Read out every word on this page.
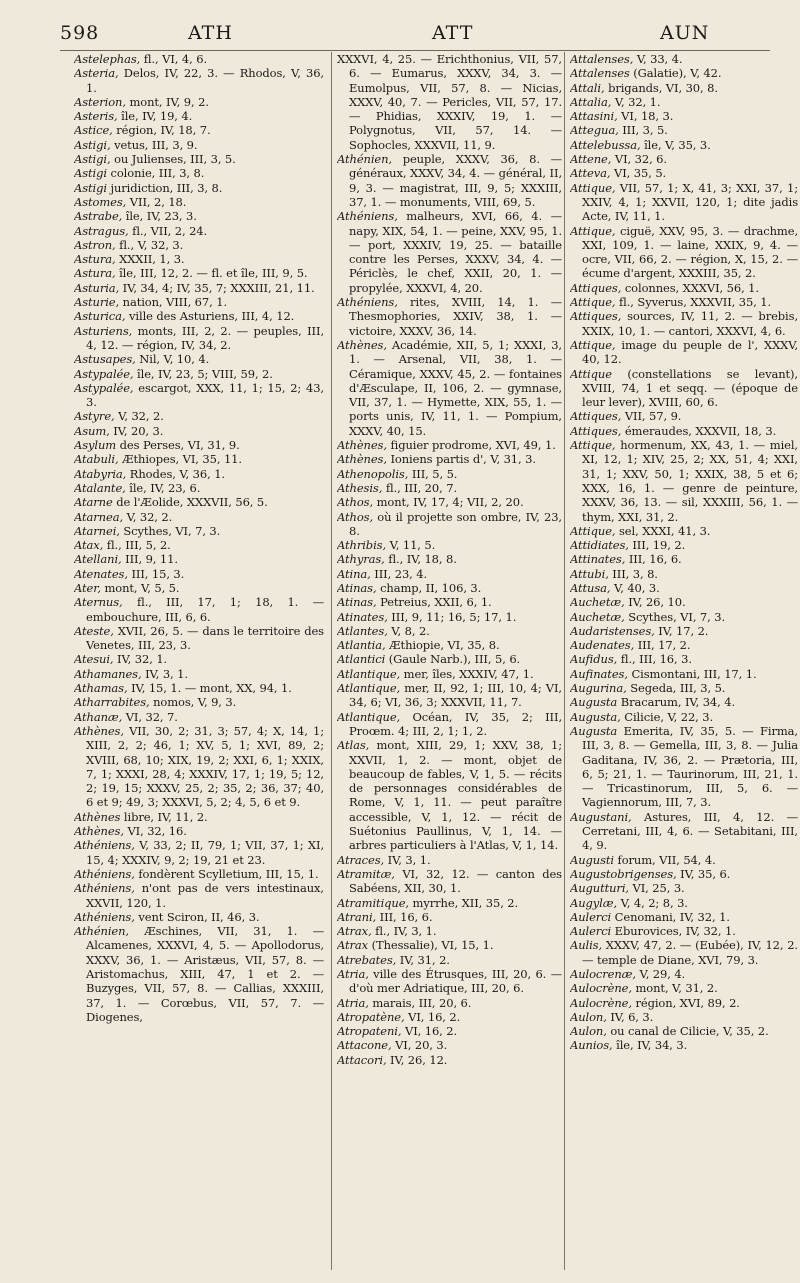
598	ATH	ATT	AUN
Astelephas, fl., VI, 4, 6.
Asteria, Delos, IV, 22, 3. — Rhodos, V, 36, 1.
Asterion, mont, IV, 9, 2.
Asteris, île, IV, 19, 4.
Astice, région, IV, 18, 7.
Astigi, vetus, III, 3, 9.
Astigi, ou Julienses, III, 3, 5.
Astigi colonie, III, 3, 8.
Astigi juridiction, III, 3, 8.
Astomes, VII, 2, 18.
Astrabe, île, IV, 23, 3.
Astragus, fl., VII, 2, 24.
Astron, fl., V, 32, 3.
Astura, XXXII, 1, 3.
Astura, île, III, 12, 2. — fl. et île, III, 9, 5.
Asturia, IV, 34, 4; IV, 35, 7; XXXIII, 21, 11.
Asturie, nation, VIII, 67, 1.
Asturica, ville des Asturiens, III, 4, 12.
Asturiens, monts, III, 2, 2. — peuples, III, 4, 12. — région, IV, 34, 2.
Astusapes, Nil, V, 10, 4.
Astypalée, île, IV, 23, 5; VIII, 59, 2.
Astypalée, escargot, XXX, 11, 1; 15, 2; 43, 3.
Astyre, V, 32, 2.
Asum, IV, 20, 3.
Asylum des Perses, VI, 31, 9.
Atabuli, Æthiopes, VI, 35, 11.
Atabyria, Rhodes, V, 36, 1.
Atalante, île, IV, 23, 6.
Atarne de l'Æolide, XXXVII, 56, 5.
Atarnea, V, 32, 2.
Atarnei, Scythes, VI, 7, 3.
Atax, fl., III, 5, 2.
Atellani, III, 9, 11.
Atenates, III, 15, 3.
Ater, mont, V, 5, 5.
Aternus, fl., III, 17, 1; 18, 1. — embouchure, III, 6, 6.
Ateste, XVII, 26, 5. — dans le territoire des Venetes, III, 23, 3.
Atesui, IV, 32, 1.
Athamanes, IV, 3, 1.
Athamas, IV, 15, 1. — mont, XX, 94, 1.
Atharrabites, nomos, V, 9, 3.
Athanæ, VI, 32, 7.
Athènes, VII, 30, 2; 31, 3; 57, 4; X, 14, 1; XIII, 2, 2; 46, 1; XV, 5, 1; XVI, 89, 2; XVIII, 68, 10; XIX, 19, 2; XXI, 6, 1; XXIX, 7, 1; XXXI, 28, 4; XXXIV, 17, 1; 19, 5; 12, 2; 19, 15; XXXV, 25, 2; 35, 2; 36, 37; 40, 6 et 9; 49, 3; XXXVI, 5, 2; 4, 5, 6 et 9.
Athènes libre, IV, 11, 2.
Athènes, VI, 32, 16.
Athéniens, V, 33, 2; II, 79, 1; VII, 37, 1; XI, 15, 4; XXXIV, 9, 2; 19, 21 et 23.
Athéniens, fondèrent Scylletium, III, 15, 1.
Athéniens, n'ont pas de vers intestinaux, XXVII, 120, 1.
Athéniens, vent Sciron, II, 46, 3.
Athénien, Æschines, VII, 31, 1. — Alcamenes, XXXVI, 4, 5. — Apollodorus, XXXV, 36, 1. — Aristæus, VII, 57, 8. — Aristomachus, XIII, 47, 1 et 2. — Buzyges, VII, 57, 8. — Callias, XXXIII, 37, 1. — Corœbus, VII, 57, 7. — Diogenes,
XXXVI, 4, 25. — Erichthonius, VII, 57, 6. — Eumarus, XXXV, 34, 3. — Eumolpus, VII, 57, 8. — Nicias, XXXV, 40, 7. — Pericles, VII, 57, 17. — Phidias, XXXIV, 19, 1. — Polygnotus, VII, 57, 14. — Sophocles, XXXVII, 11, 9.
Athénien, peuple, XXXV, 36, 8. — généraux, XXXV, 34, 4. — général, II, 9, 3. — magistrat, III, 9, 5; XXXIII, 37, 1. — monuments, VIII, 69, 5.
Athéniens, malheurs, XVI, 66, 4. — napy, XIX, 54, 1. — peine, XXV, 95, 1. — port, XXXIV, 19, 25. — bataille contre les Perses, XXXV, 34, 4. — Périclès, le chef, XXII, 20, 1. — propylée, XXXVI, 4, 20.
Athéniens, rites, XVIII, 14, 1. — Thesmophories, XXIV, 38, 1. — victoire, XXXV, 36, 14.
Athènes, Académie, XII, 5, 1; XXXI, 3, 1. — Arsenal, VII, 38, 1. — Céramique, XXXV, 45, 2. — fontaines d'Æsculape, II, 106, 2. — gymnase, VII, 37, 1. — Hymette, XIX, 55, 1. — ports unis, IV, 11, 1. — Pompium, XXXV, 40, 15.
Athènes, figuier prodrome, XVI, 49, 1.
Athènes, Ioniens partis d', V, 31, 3.
Athenopolis, III, 5, 5.
Athesis, fl., III, 20, 7.
Athos, mont, IV, 17, 4; VII, 2, 20.
Athos, où il projette son ombre, IV, 23, 8.
Athribis, V, 11, 5.
Athyras, fl., IV, 18, 8.
Atina, III, 23, 4.
Atinas, champ, II, 106, 3.
Atinas, Petreius, XXII, 6, 1.
Atinates, III, 9, 11; 16, 5; 17, 1.
Atlantes, V, 8, 2.
Atlantia, Æthiopie, VI, 35, 8.
Atlantici (Gaule Narb.), III, 5, 6.
Atlantique, mer, îles, XXXIV, 47, 1.
Atlantique, mer, II, 92, 1; III, 10, 4; VI, 34, 6; VI, 36, 3; XXXVII, 11, 7.
Atlantique, Océan, IV, 35, 2; III, Proœm. 4; III, 2, 1; 1, 2.
Atlas, mont, XIII, 29, 1; XXV, 38, 1; XXVII, 1, 2. — mont, objet de beaucoup de fables, V, 1, 5. — récits de personnages considérables de Rome, V, 1, 11. — peut paraître accessible, V, 1, 12. — récit de Suétonius Paullinus, V, 1, 14. — arbres particuliers à l'Atlas, V, 1, 14.
Atraces, IV, 3, 1.
Atramitæ, VI, 32, 12. — canton des Sabéens, XII, 30, 1.
Atramitique, myrrhe, XII, 35, 2.
Atrani, III, 16, 6.
Atrax, fl., IV, 3, 1.
Atrax (Thessalie), VI, 15, 1.
Atrebates, IV, 31, 2.
Atria, ville des Étrusques, III, 20, 6. — d'où mer Adriatique, III, 20, 6.
Atria, marais, III, 20, 6.
Atropatène, VI, 16, 2.
Atropateni, VI, 16, 2.
Attacone, VI, 20, 3.
Attacori, IV, 26, 12.
Attalenses, V, 33, 4.
Attalenses (Galatie), V, 42.
Attali, brigands, VI, 30, 8.
Attalia, V, 32, 1.
Attasini, VI, 18, 3.
Attegua, III, 3, 5.
Attelebussa, île, V, 35, 3.
Attene, VI, 32, 6.
Atteva, VI, 35, 5.
Attique, VII, 57, 1; X, 41, 3; XXI, 37, 1; XXIV, 4, 1; XXVII, 120, 1; dite jadis Acte, IV, 11, 1.
Attique, ciguë, XXV, 95, 3. — drachme, XXI, 109, 1. — laine, XXIX, 9, 4. — ocre, VII, 66, 2. — région, X, 15, 2. — écume d'argent, XXXIII, 35, 2.
Attiques, colonnes, XXXVI, 56, 1.
Attique, fl., Syverus, XXXVII, 35, 1.
Attiques, sources, IV, 11, 2. — brebis, XXIX, 10, 1. — cantori, XXXVI, 4, 6.
Attique, image du peuple de l', XXXV, 40, 12.
Attique (constellations se levant), XVIII, 74, 1 et seqq. — (époque de leur lever), XVIII, 60, 6.
Attiques, VII, 57, 9.
Attiques, émeraudes, XXXVII, 18, 3.
Attique, hormenum, XX, 43, 1. — miel, XI, 12, 1; XIV, 25, 2; XX, 51, 4; XXI, 31, 1; XXV, 50, 1; XXIX, 38, 5 et 6; XXX, 16, 1. — genre de peinture, XXXV, 36, 13. — sil, XXXIII, 56, 1. — thym, XXI, 31, 2.
Attique, sel, XXXI, 41, 3.
Attidiates, III, 19, 2.
Attinates, III, 16, 6.
Attubi, III, 3, 8.
Attusa, V, 40, 3.
Auchetæ, IV, 26, 10.
Auchetæ, Scythes, VI, 7, 3.
Audaristenses, IV, 17, 2.
Audenates, III, 17, 2.
Aufidus, fl., III, 16, 3.
Aufinates, Cismontani, III, 17, 1.
Augurina, Segeda, III, 3, 5.
Augusta Bracarum, IV, 34, 4.
Augusta, Cilicie, V, 22, 3.
Augusta Emerita, IV, 35, 5. — Firma, III, 3, 8. — Gemella, III, 3, 8. — Julia Gaditana, IV, 36, 2. — Prætoria, III, 6, 5; 21, 1. — Taurinorum, III, 21, 1. — Tricastinorum, III, 5, 6. — Vagiennorum, III, 7, 3.
Augustani, Astures, III, 4, 12. — Cerretani, III, 4, 6. — Setabitani, III, 4, 9.
Augusti forum, VII, 54, 4.
Augustobrigenses, IV, 35, 6.
Augutturi, VI, 25, 3.
Augylæ, V, 4, 2; 8, 3.
Aulerci Cenomani, IV, 32, 1.
Aulerci Eburovices, IV, 32, 1.
Aulis, XXXV, 47, 2. — (Eubée), IV, 12, 2. — temple de Diane, XVI, 79, 3.
Aulocrenæ, V, 29, 4.
Aulocrène, mont, V, 31, 2.
Aulocrène, région, XVI, 89, 2.
Aulon, IV, 6, 3.
Aulon, ou canal de Cilicie, V, 35, 2.
Aunios, île, IV, 34, 3.
